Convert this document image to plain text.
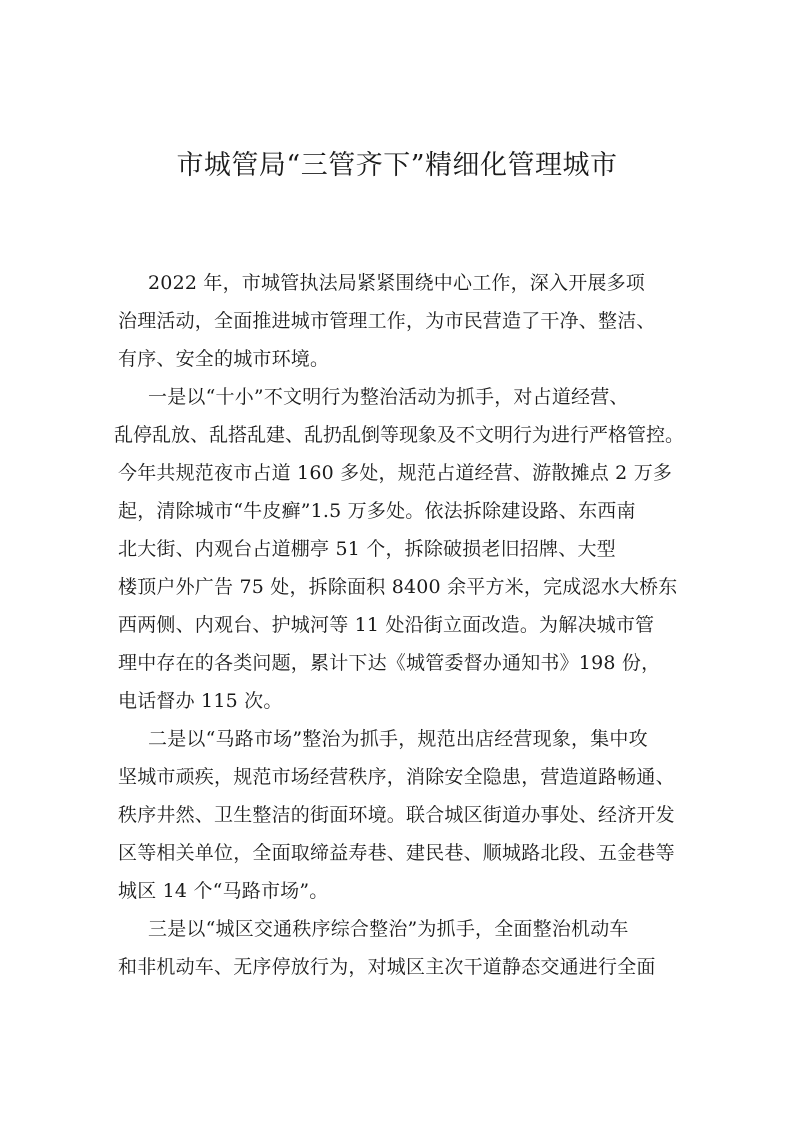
市城管局“三管齐下”精细化管理城市
2022 年，市城管执法局紧紧围绕中心工作，深入开展多项
治理活动，全面推进城市管理工作，为市民营造了干净、整洁、
有序、安全的城市环境。
一是以“十小”不文明行为整治活动为抓手，对占道经营、
乱停乱放、乱搭乱建、乱扔乱倒等现象及不文明行为进行严格管控。
今年共规范夜市占道 160 多处，规范占道经营、游散摊点 2 万多
起，清除城市“牛皮癣”1.5 万多处。依法拆除建设路、东西南
北大街、内观台占道棚亭 51 个，拆除破损老旧招牌、大型
楼顶户外广告 75 处，拆除面积 8400 余平方米，完成涊水大桥东
西两侧、内观台、护城河等 11 处沿街立面改造。为解决城市管
理中存在的各类问题，累计下达《城管委督办通知书》198 份，
电话督办 115 次。
二是以“马路市场”整治为抓手，规范出店经营现象，集中攻
坚城市顽疾，规范市场经营秩序，消除安全隐患，营造道路畅通、
秩序井然、卫生整洁的街面环境。联合城区街道办事处、经济开发
区等相关单位，全面取缔益寿巷、建民巷、顺城路北段、五金巷等
城区 14 个“马路市场”。
三是以“城区交通秩序综合整治”为抓手，全面整治机动车
和非机动车、无序停放行为，对城区主次干道静态交通进行全面
